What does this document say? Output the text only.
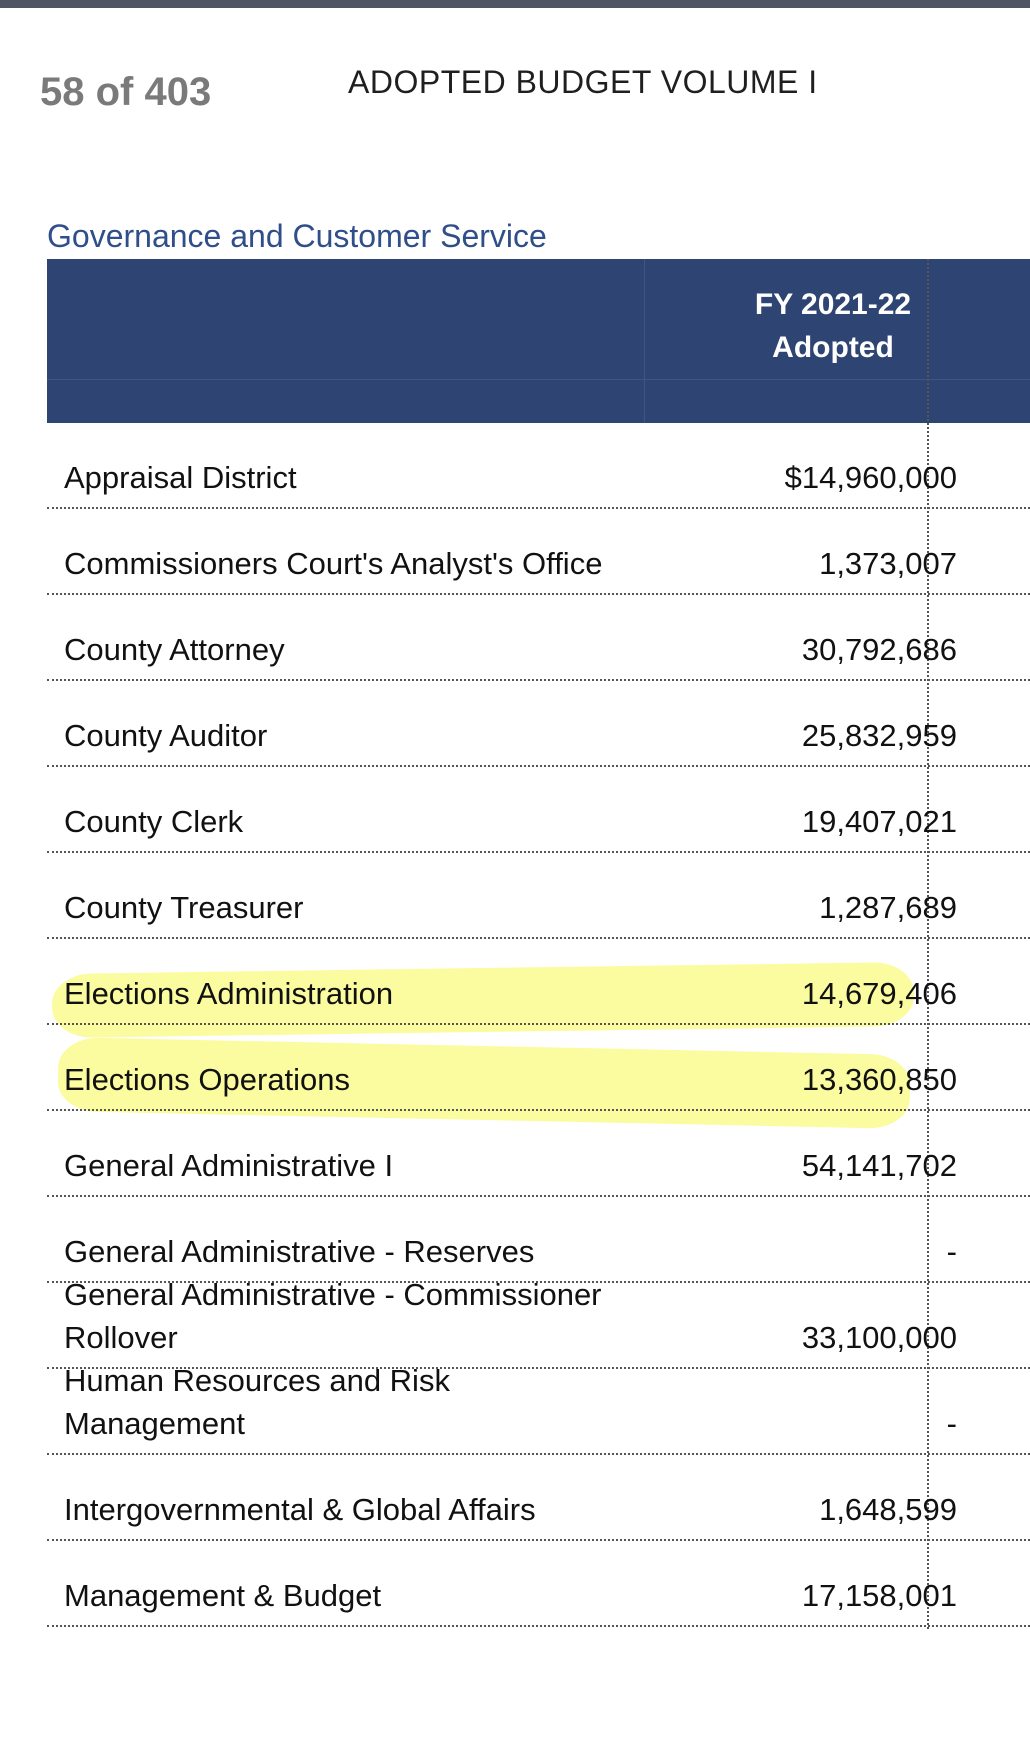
58 of 403	ADOPTED BUDGET VOLUME I
Governance and Customer Service
FY 2021-22
Adopted
Appraisal District	$14,960,000
Commissioners Court's Analyst's Office	1,373,007
County Attorney	30,792,686
County Auditor	25,832,959
County Clerk	19,407,021
County Treasurer	1,287,689
Elections Administration	14,679,406
Elections Operations	13,360,850
General Administrative I	54,141,702
General Administrative - Reserves	-
General Administrative - Commissioner Rollover	33,100,000
Human Resources and Risk Management	-
Intergovernmental & Global Affairs	1,648,599
Management & Budget	17,158,001
